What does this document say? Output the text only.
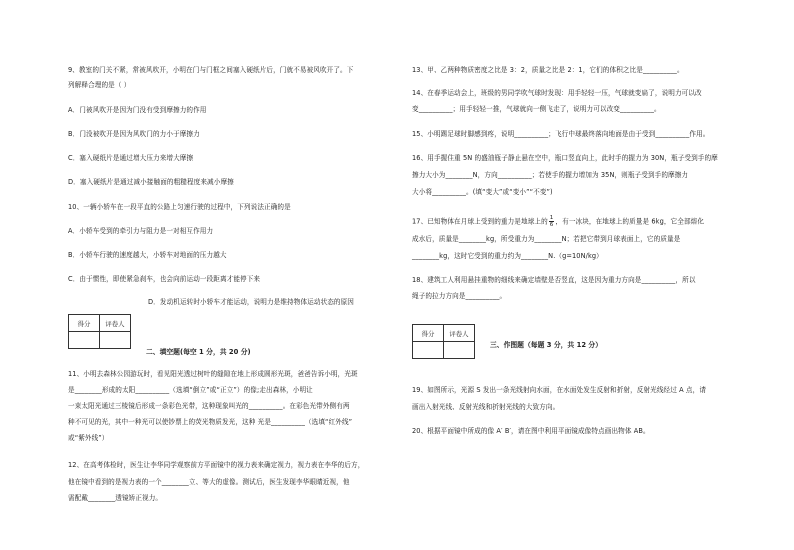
9、教室的门关不紧，常被风吹开，小明在门与门框之间塞入硬纸片后，门就不易被风吹开了。下
列解释合理的是（ ）
A．门被风吹开是因为门没有受到摩擦力的作用
B．门没被吹开是因为风吹门的力小于摩擦力
C．塞入硬纸片是通过增大压力来增大摩擦
D．塞入硬纸片是通过减小接触面的粗糙程度来减小摩擦
10、一辆小轿车在一段平直的公路上匀速行驶的过程中，下列说法正确的是
A．小轿车受到的牵引力与阻力是一对相互作用力
B．小轿车行驶的速度越大，小轿车对地面的压力越大
C．由于惯性，即使紧急刹车，也会向前运动一段距离才能停下来
D．发动机运转时小轿车才能运动，说明力是维持物体运动状态的原因
得分	评卷人

二、填空题(每空 1 分，共 20 分)
11、小明去森林公园游玩时，看见阳光透过树叶的缝隙在地上形成圆形光斑，爸爸告诉小明，光斑
是________形成的太阳__________（选填“倒立”或“正立”）的像;走出森林，小明让
一束太阳光通过三棱镜后形成一条彩色光带，这种现象叫光的__________。在彩色光带外侧有两
种不可见的光，其中一种光可以使钞票上的荧光物质发光，这种 光是__________（选填“红外线”
或“紫外线”）
12、在高考体检时，医生让李华同学观察前方平面镜中的视力表来确定视力，视力表在李华的后方，
他在镜中看到的是视力表的一个________立、等大的虚像。测试后，医生发现李华眼睛近视，他
需配戴________透镜矫正视力。
13、甲、乙两种物质密度之比是 3：2，质量之比是 2：1，它们的体积之比是__________。
14、在春季运动会上，班级的男同学吹气球时发现：用手轻轻一压，气球就变扁了，说明力可以改
变__________；用手轻轻一推，气球就向一侧飞走了，说明力可以改变__________。
15、小明踢足球时脚感到疼，说明__________；飞行中球最终落向地面是由于受到__________作用。
16、用手握住重 5N 的盛油瓶子静止悬在空中，瓶口竖直向上，此时手的握力为 30N，瓶子受到手的摩
擦力大小为________N，方向__________；若使手的握力增加为 35N，则瓶子受到手的摩擦力
大小将__________。(填“变大”或“变小”“不变”)
17、已知物体在月球上受到的重力是地球上的 $\frac{1}{6}$ ，有一冰块，在地球上的质量是 6kg，它全部熔化
成水后，质量是________kg，所受重力为________N；若把它带到月球表面上，它的质量是
________kg，这时它受到的重力约为________N.（g=10N/kg）
18、建筑工人利用悬挂重物的细线来确定墙壁是否竖直，这是因为重力方向是__________，所以
绳子的拉力方向是__________。
得分	评卷人

三、作图题（每题 3 分，共 12 分）
19、如图所示，光源 S 发出一条光线射向水面，在水面处发生反射和折射，反射光线经过 A 点，请
画出入射光线、反射光线和折射光线的大致方向。
20、根据平面镜中所成的像 A′ B′，请在图中利用平面镜成像特点画出物体 AB。
